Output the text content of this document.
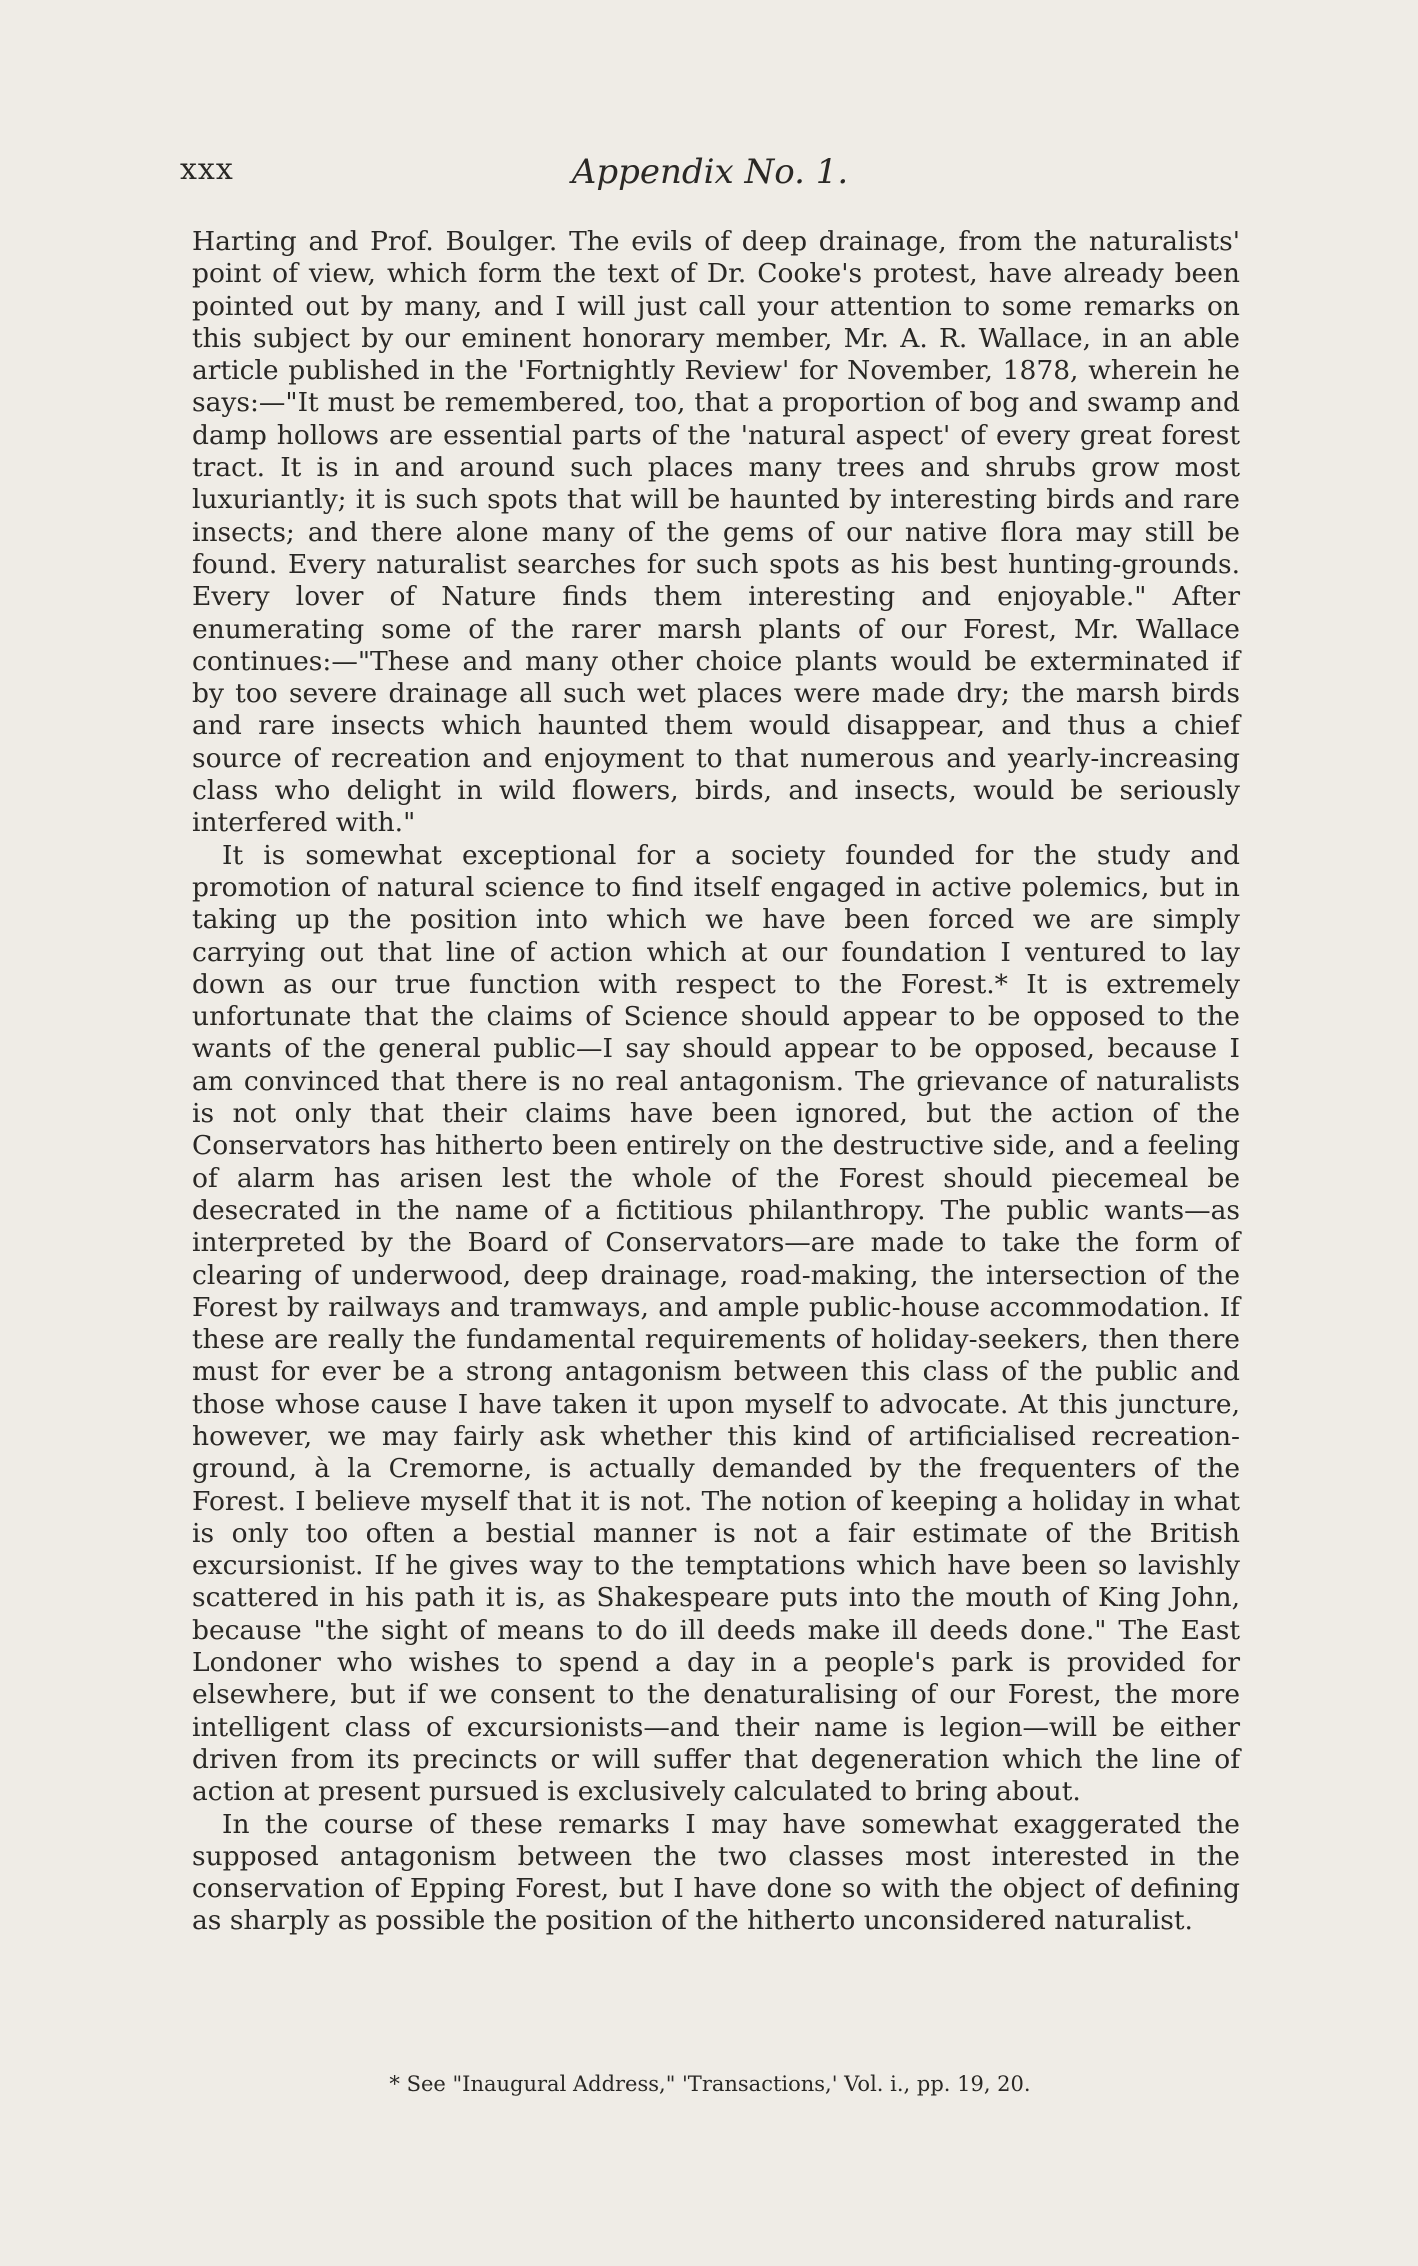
xxx	Appendix No. 1.

Harting and Prof. Boulger. The evils of deep drainage, from the naturalists' point of view, which form the text of Dr. Cooke's protest, have already been pointed out by many, and I will just call your attention to some remarks on this subject by our eminent honorary member, Mr. A. R. Wallace, in an able article published in the 'Fortnightly Review' for November, 1878, wherein he says:—"It must be remembered, too, that a proportion of bog and swamp and damp hollows are essential parts of the 'natural aspect' of every great forest tract. It is in and around such places many trees and shrubs grow most luxuriantly; it is such spots that will be haunted by interesting birds and rare insects; and there alone many of the gems of our native flora may still be found. Every naturalist searches for such spots as his best hunting-grounds. Every lover of Nature finds them interesting and enjoyable." After enumerating some of the rarer marsh plants of our Forest, Mr. Wallace continues:—"These and many other choice plants would be exterminated if by too severe drainage all such wet places were made dry; the marsh birds and rare insects which haunted them would disappear, and thus a chief source of recreation and enjoyment to that numerous and yearly-increasing class who delight in wild flowers, birds, and insects, would be seriously interfered with."

It is somewhat exceptional for a society founded for the study and promotion of natural science to find itself engaged in active polemics, but in taking up the position into which we have been forced we are simply carrying out that line of action which at our foundation I ventured to lay down as our true function with respect to the Forest.* It is extremely unfortunate that the claims of Science should appear to be opposed to the wants of the general public—I say should appear to be opposed, because I am convinced that there is no real antagonism. The grievance of naturalists is not only that their claims have been ignored, but the action of the Conservators has hitherto been entirely on the destructive side, and a feeling of alarm has arisen lest the whole of the Forest should piecemeal be desecrated in the name of a fictitious philanthropy. The public wants—as interpreted by the Board of Conservators—are made to take the form of clearing of underwood, deep drainage, road-making, the intersection of the Forest by railways and tramways, and ample public-house accommodation. If these are really the fundamental requirements of holiday-seekers, then there must for ever be a strong antagonism between this class of the public and those whose cause I have taken it upon myself to advocate. At this juncture, however, we may fairly ask whether this kind of artificialised recreation-ground, à la Cremorne, is actually demanded by the frequenters of the Forest. I believe myself that it is not. The notion of keeping a holiday in what is only too often a bestial manner is not a fair estimate of the British excursionist. If he gives way to the temptations which have been so lavishly scattered in his path it is, as Shakespeare puts into the mouth of King John, because "the sight of means to do ill deeds make ill deeds done." The East Londoner who wishes to spend a day in a people's park is provided for elsewhere, but if we consent to the denaturalising of our Forest, the more intelligent class of excursionists—and their name is legion—will be either driven from its precincts or will suffer that degeneration which the line of action at present pursued is exclusively calculated to bring about.

In the course of these remarks I may have somewhat exaggerated the supposed antagonism between the two classes most interested in the conservation of Epping Forest, but I have done so with the object of defining as sharply as possible the position of the hitherto unconsidered naturalist.

* See "Inaugural Address," 'Transactions,' Vol. i., pp. 19, 20.
